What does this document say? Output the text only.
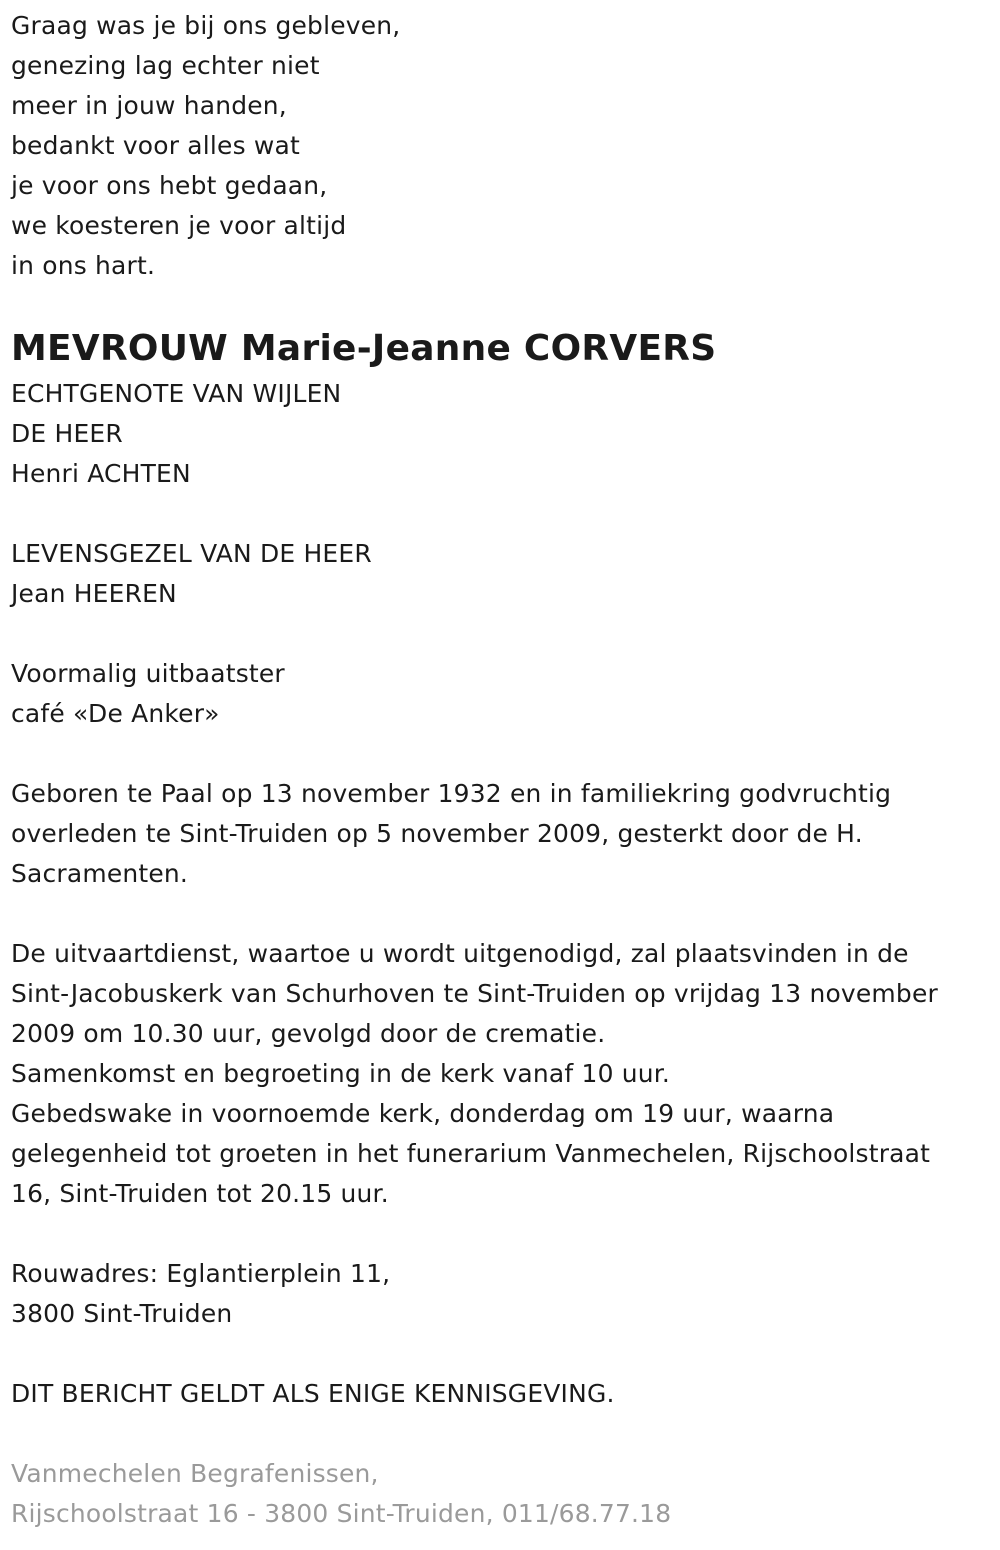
Graag was je bij ons gebleven,
genezing lag echter niet
meer in jouw handen,
bedankt voor alles wat
je voor ons hebt gedaan,
we koesteren je voor altijd
in ons hart.
MEVROUW Marie-Jeanne CORVERS
ECHTGENOTE VAN WIJLEN
DE HEER
Henri ACHTEN
LEVENSGEZEL VAN DE HEER
Jean HEEREN
Voormalig uitbaatster
café «De Anker»
Geboren te Paal op 13 november 1932 en in familiekring godvruchtig
overleden te Sint-Truiden op 5 november 2009, gesterkt door de H.
Sacramenten.
De uitvaartdienst, waartoe u wordt uitgenodigd, zal plaatsvinden in de
Sint-Jacobuskerk van Schurhoven te Sint-Truiden op vrijdag 13 november
2009 om 10.30 uur, gevolgd door de crematie.
Samenkomst en begroeting in de kerk vanaf 10 uur.
Gebedswake in voornoemde kerk, donderdag om 19 uur, waarna
gelegenheid tot groeten in het funerarium Vanmechelen, Rijschoolstraat
16, Sint-Truiden tot 20.15 uur.
Rouwadres: Eglantierplein 11,
3800 Sint-Truiden
DIT BERICHT GELDT ALS ENIGE KENNISGEVING.
Vanmechelen Begrafenissen,
Rijschoolstraat 16 - 3800 Sint-Truiden, 011/68.77.18
